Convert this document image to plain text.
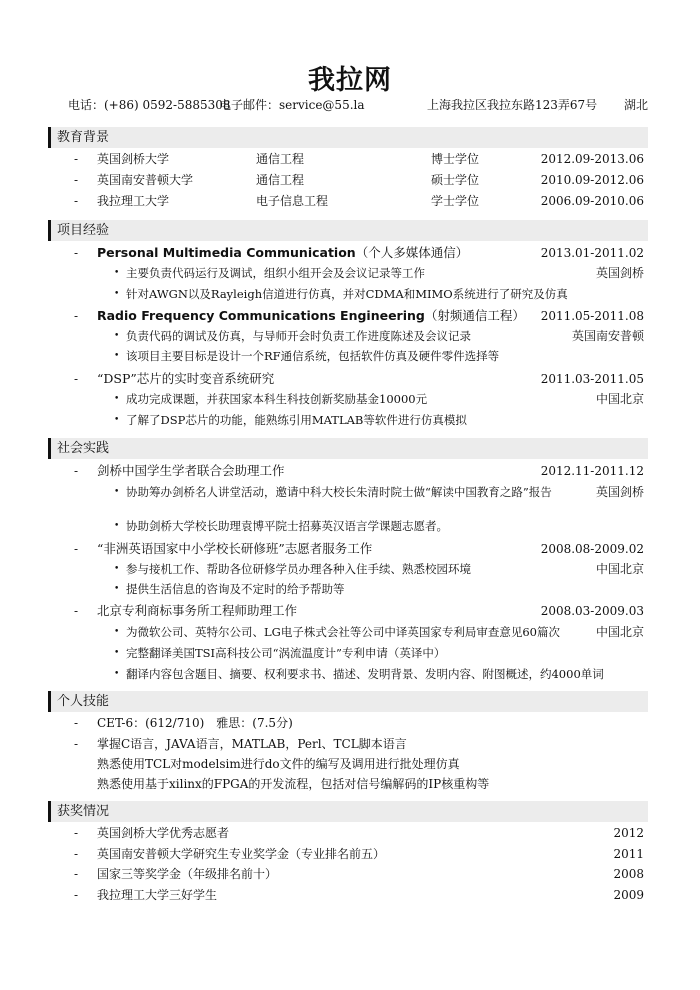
我拉网
电话：(+86) 0592-5885308
电子邮件：service@55.la	上海我拉区我拉东路123弄67号 湖北
教育背景
- 英国剑桥大学	通信工程	博士学位	2012.09-2013.06
- 英国南安普顿大学	通信工程	硕士学位	2010.09-2012.06
- 我拉理工大学	电子信息工程	学士学位	2006.09-2010.06
项目经验
- Personal Multimedia Communication（个人多媒体通信）	2013.01-2011.02
• 主要负责代码运行及调试，组织小组开会及会议记录等工作	英国剑桥
• 针对AWGN以及Rayleigh信道进行仿真，并对CDMA和MIMO系统进行了研究及仿真
- Radio Frequency Communications Engineering（射频通信工程） 2011.05-2011.08
• 负责代码的调试及仿真，与导师开会时负责工作进度陈述及会议记录	英国南安普顿
• 该项目主要目标是设计一个RF通信系统，包括软件仿真及硬件零件选择等
- “DSP”芯片的实时变音系统研究	2011.03-2011.05
• 成功完成课题，并获国家本科生科技创新奖励基金10000元	中国北京
• 了解了DSP芯片的功能，能熟练引用MATLAB等软件进行仿真模拟
社会实践
- 剑桥中国学生学者联合会助理工作	2012.11-2011.12
• 协助筹办剑桥名人讲堂活动，邀请中科大校长朱清时院士做“解读中国教育之路”报告	英国剑桥
• 协助剑桥大学校长助理袁博平院士招募英汉语言学课题志愿者。
- “非洲英语国家中小学校长研修班”志愿者服务工作	2008.08-2009.02
• 参与接机工作、帮助各位研修学员办理各种入住手续、熟悉校园环境	中国北京
• 提供生活信息的咨询及不定时的给予帮助等
- 北京专利商标事务所工程师助理工作	2008.03-2009.03
• 为微软公司、英特尔公司、LG电子株式会社等公司中译英国家专利局审查意见60篇次	中国北京
• 完整翻译美国TSI高科技公司“涡流温度计”专利申请（英译中）
• 翻译内容包含题目、摘要、权利要求书、描述、发明背景、发明内容、附图概述，约4000单词
个人技能
- CET-6：(612/710)　雅思：(7.5分)
- 掌握C语言，JAVA语言，MATLAB，Perl、TCL脚本语言
熟悉使用TCL对modelsim进行do文件的编写及调用进行批处理仿真
熟悉使用基于xilinx的FPGA的开发流程，包括对信号编解码的IP核重构等
获奖情况
- 英国剑桥大学优秀志愿者	2012
- 英国南安普顿大学研究生专业奖学金（专业排名前五）	2011
- 国家三等奖学金（年级排名前十）	2008
- 我拉理工大学三好学生	2009
